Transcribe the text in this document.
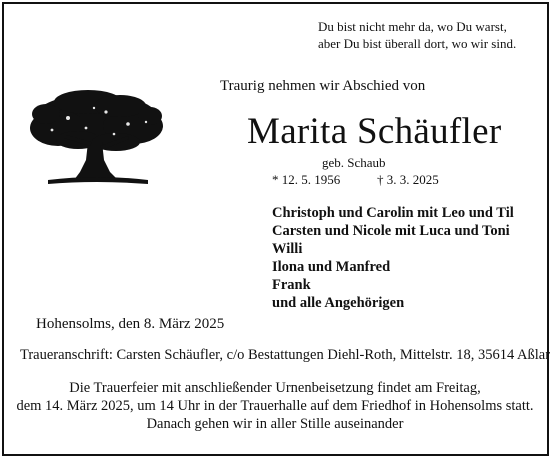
Du bist nicht mehr da, wo Du warst,
aber Du bist überall dort, wo wir sind.
Traurig nehmen wir Abschied von
Marita Schäufler
geb. Schaub
* 12. 5. 1956	† 3. 3. 2025
Christoph und Carolin mit Leo und Til
Carsten und Nicole mit Luca und Toni
Willi
Ilona und Manfred
Frank
und alle Angehörigen
Hohensolms, den 8. März 2025
Traueranschrift: Carsten Schäufler, c/o Bestattungen Diehl-Roth, Mittelstr. 18, 35614 Aßlar
Die Trauerfeier mit anschließender Urnenbeisetzung findet am Freitag,
dem 14. März 2025, um 14 Uhr in der Trauerhalle auf dem Friedhof in Hohensolms statt.
Danach gehen wir in aller Stille auseinander
